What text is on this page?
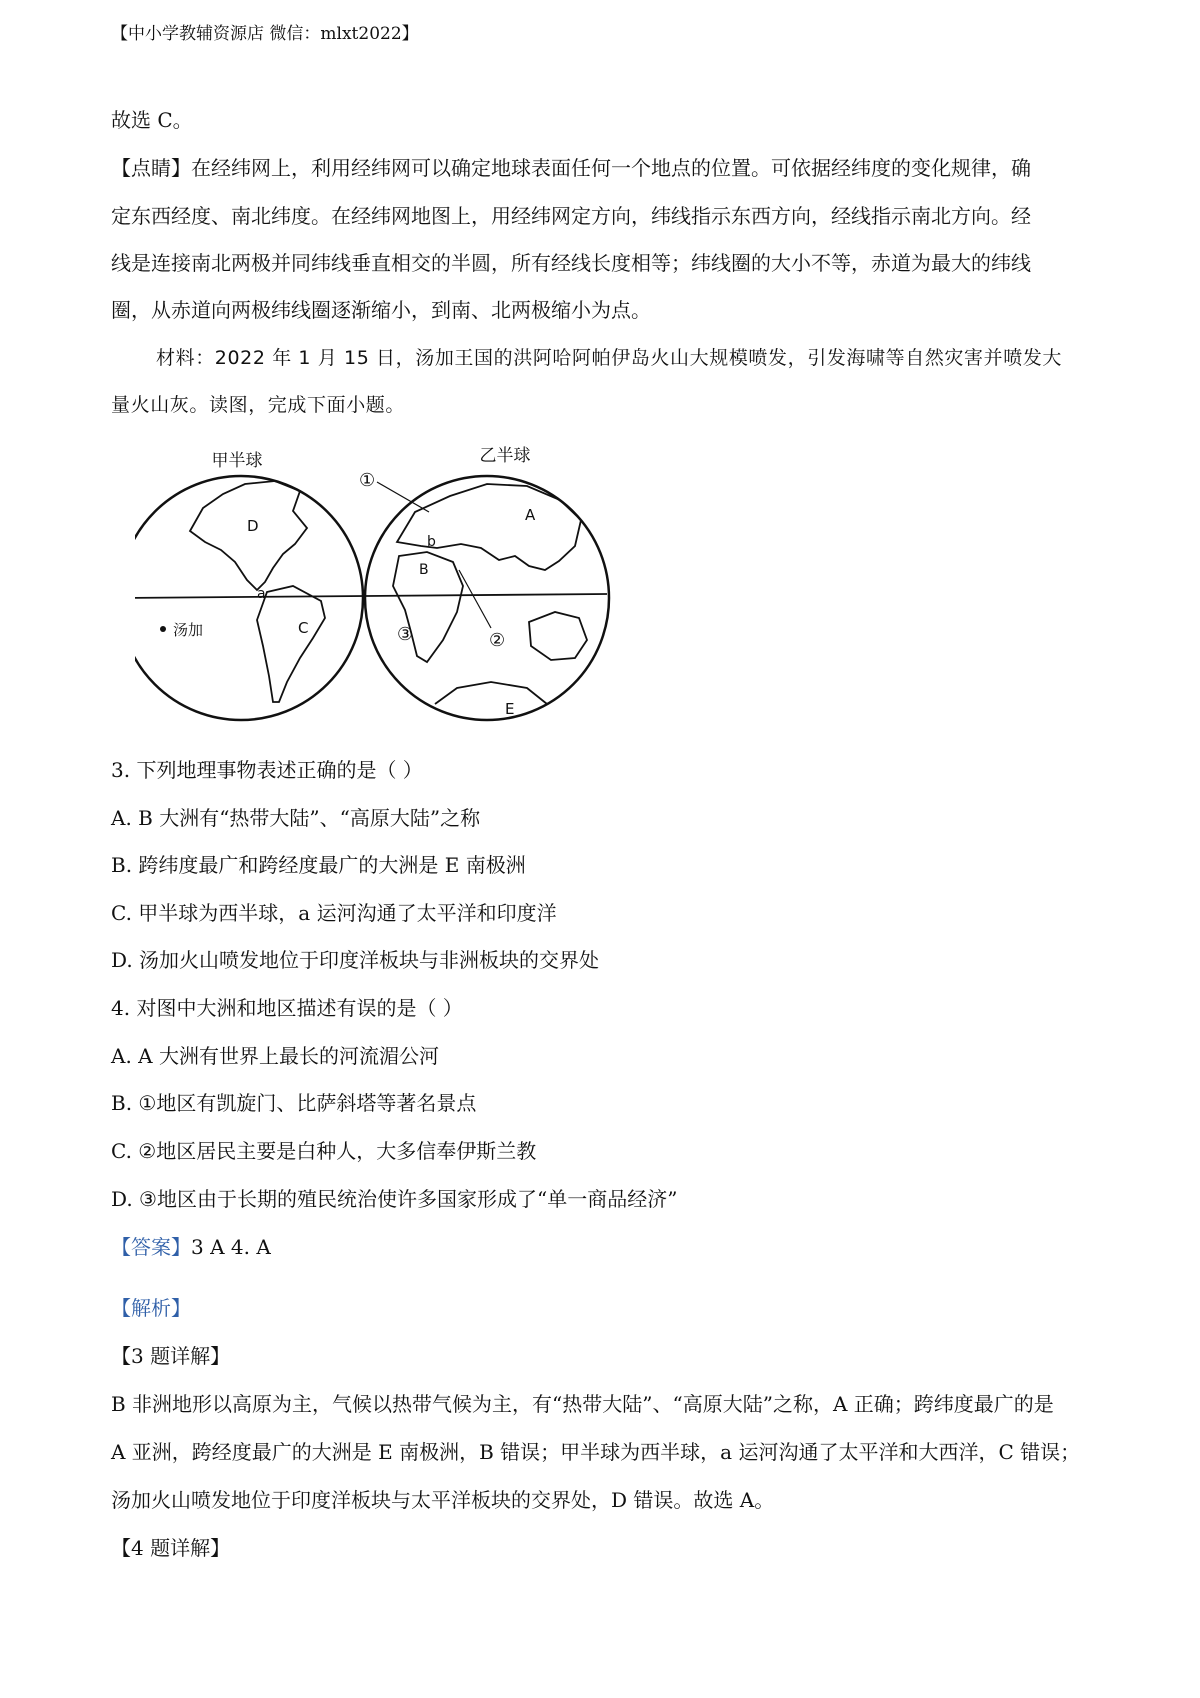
【中小学教辅资源店 微信：mlxt2022】
故选 C。
【点睛】在经纬网上，利用经纬网可以确定地球表面任何一个地点的位置。可依据经纬度的变化规律，确
定东西经度、南北纬度。在经纬网地图上，用经纬网定方向，纬线指示东西方向，经线指示南北方向。经
线是连接南北两极并同纬线垂直相交的半圆，所有经线长度相等；纬线圈的大小不等，赤道为最大的纬线
圈，从赤道向两极纬线圈逐渐缩小，到南、北两极缩小为点。
材料：2022 年 1 月 15 日，汤加王国的洪阿哈阿帕伊岛火山大规模喷发，引发海啸等自然灾害并喷发大
量火山灰。读图，完成下面小题。
甲半球	乙半球
D
a
C
汤加
A
B
b
E
①
③	②
3. 下列地理事物表述正确的是（ ）
A. B 大洲有“热带大陆”、“高原大陆”之称
B. 跨纬度最广和跨经度最广的大洲是 E 南极洲
C. 甲半球为西半球，a 运河沟通了太平洋和印度洋
D. 汤加火山喷发地位于印度洋板块与非洲板块的交界处
4. 对图中大洲和地区描述有误的是（ ）
A. A 大洲有世界上最长的河流湄公河
B. ①地区有凯旋门、比萨斜塔等著名景点
C. ②地区居民主要是白种人，大多信奉伊斯兰教
D. ③地区由于长期的殖民统治使许多国家形成了“单一商品经济”
【答案】3 A 4. A
【解析】
【3 题详解】
B 非洲地形以高原为主，气候以热带气候为主，有“热带大陆”、“高原大陆”之称，A 正确；跨纬度最广的是
A 亚洲，跨经度最广的大洲是 E 南极洲，B 错误；甲半球为西半球，a 运河沟通了太平洋和大西洋，C 错误；
汤加火山喷发地位于印度洋板块与太平洋板块的交界处，D 错误。故选 A。
【4 题详解】
